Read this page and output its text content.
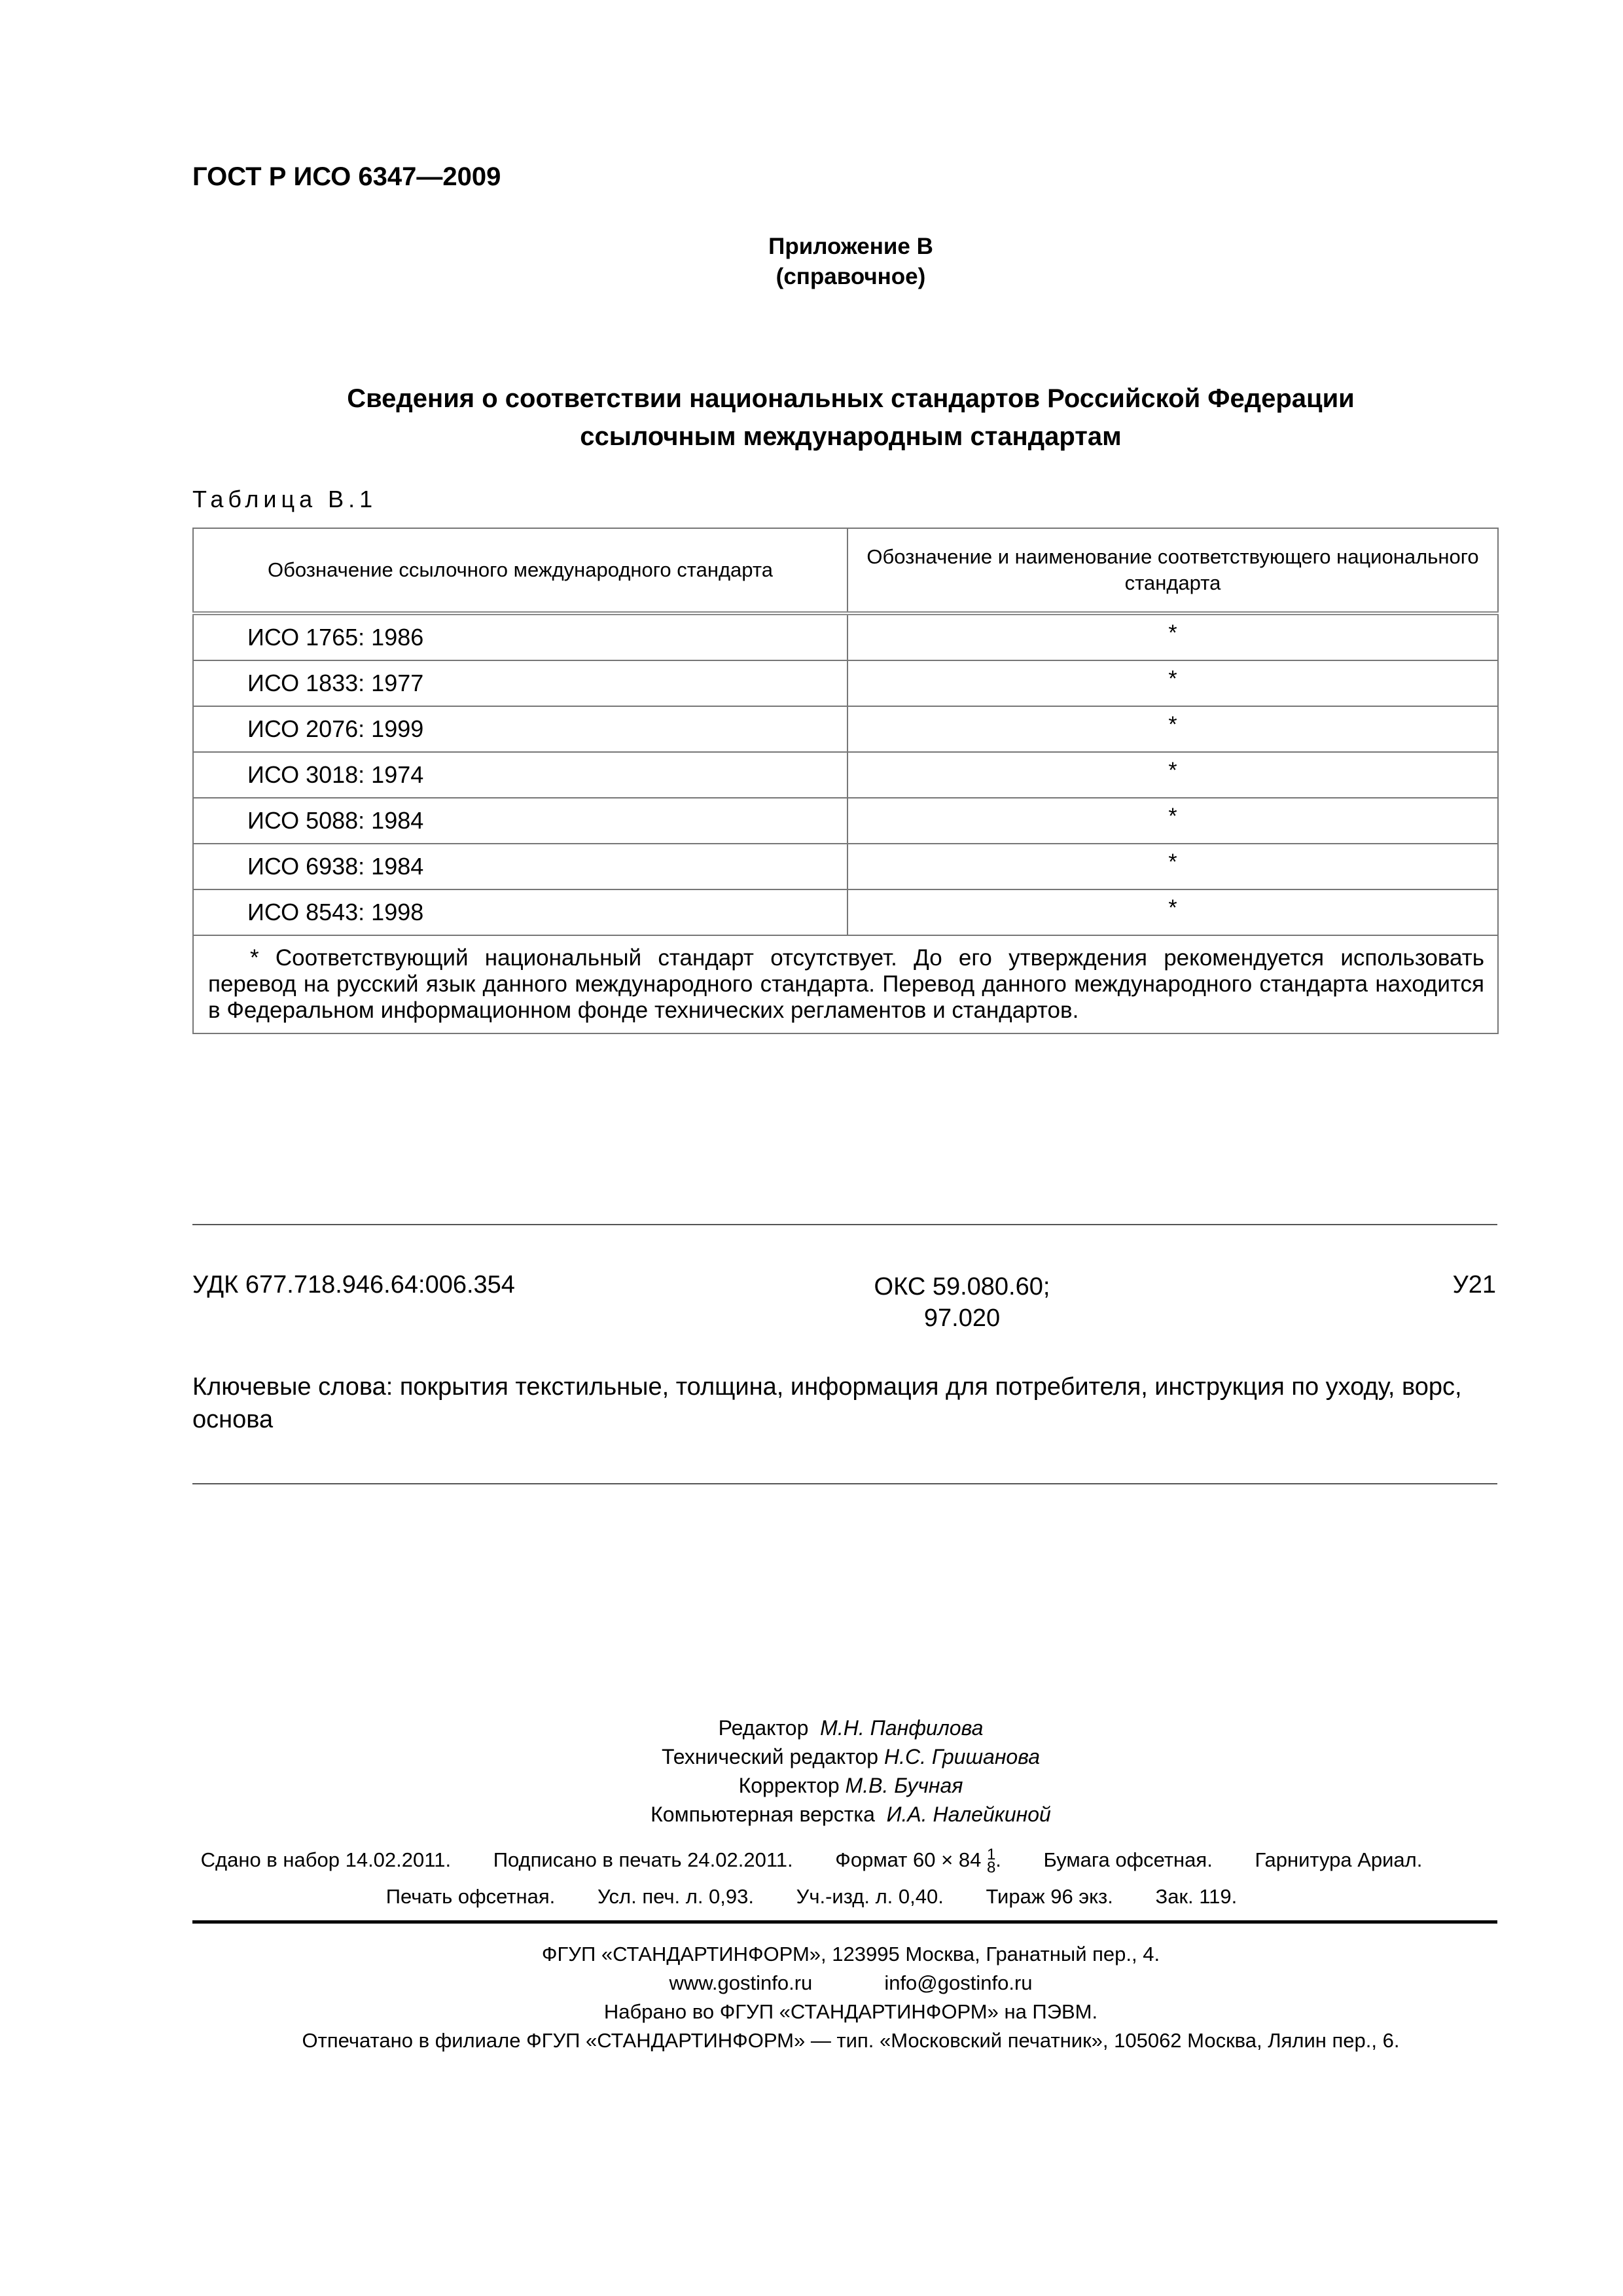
ГОСТ Р ИСО 6347—2009
Приложение В
(справочное)
Сведения о соответствии национальных стандартов Российской Федерации
ссылочным международным стандартам
Таблица В.1
Обозначение ссылочного международного стандарта	Обозначение и наименование соответствующего национального стандарта
ИСО 1765: 1986	*
ИСО 1833: 1977	*
ИСО 2076: 1999	*
ИСО 3018: 1974	*
ИСО 5088: 1984	*
ИСО 6938: 1984	*
ИСО 8543: 1998	*
* Соответствующий национальный стандарт отсутствует. До его утверждения рекомендуется использовать перевод на русский язык данного международного стандарта. Перевод данного международного стандарта находится в Федеральном информационном фонде технических регламентов и стандартов.	
УДК 677.718.946.64:006.354	ОКС 59.080.60;
97.020
У21
Ключевые слова: покрытия текстильные, толщина, информация для потребителя, инструкция по уходу, ворс, основа
Редактор М.Н. Панфилова
Технический редактор Н.С. Гришанова
Корректор М.В. Бучная
Компьютерная верстка И.А. Налейкиной
Сдано в набор 14.02.2011. Подписано в печать 24.02.2011. Формат 60 × 84 1
8 . Бумага офсетная. Гарнитура Ариал.
Печать офсетная. Усл. печ. л. 0,93. Уч.-изд. л. 0,40. Тираж 96 экз. Зак. 119.
ФГУП «СТАНДАРТИНФОРМ», 123995 Москва, Гранатный пер., 4.
www.gostinfo.ru	info@gostinfo.ru
Набрано во ФГУП «СТАНДАРТИНФОРМ» на ПЭВМ.
Отпечатано в филиале ФГУП «СТАНДАРТИНФОРМ» — тип. «Московский печатник», 105062 Москва, Лялин пер., 6.
